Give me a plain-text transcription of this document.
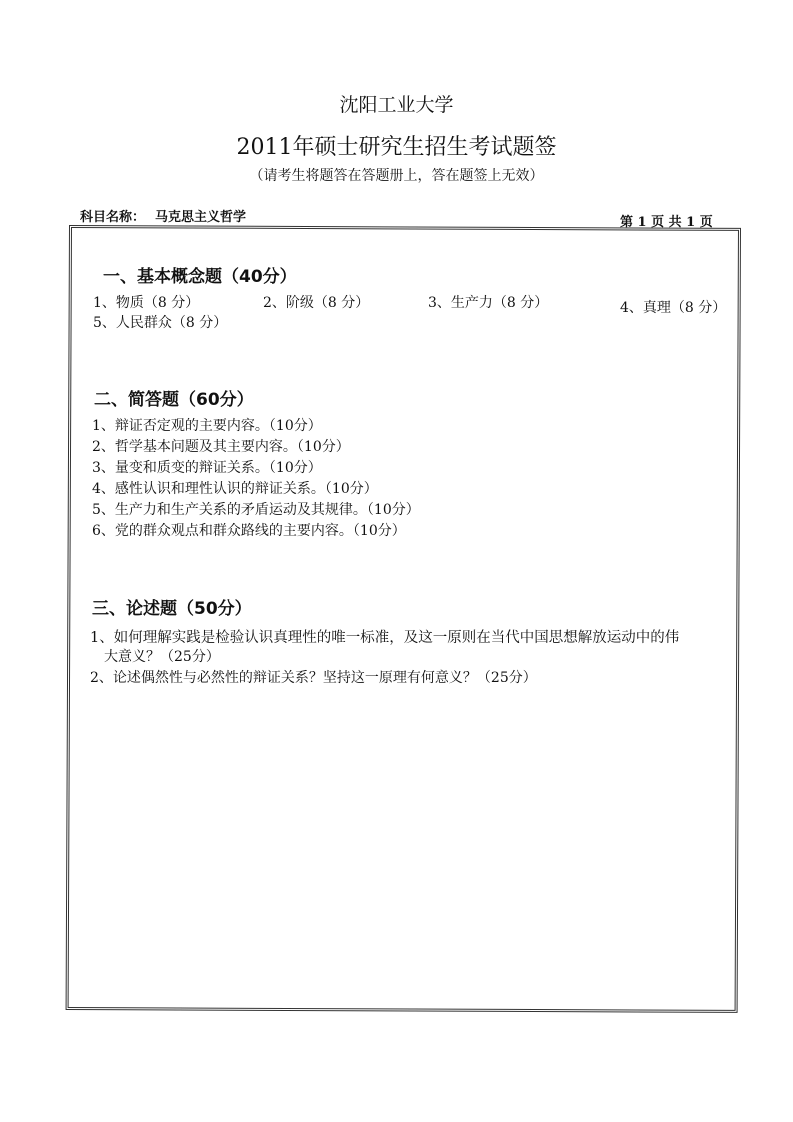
沈阳工业大学
2011年硕士研究生招生考试题签
（请考生将题答在答题册上，答在题签上无效）
科目名称： 马克思主义哲学	第 1 页 共 1 页
一、基本概念题（40分）
1、物质（8 分）	2、阶级（8 分）	3、生产力（8 分）	4、真理（8 分）
5、人民群众（8 分）
二、简答题（60分）
1、辩证否定观的主要内容。（10分）
2、哲学基本问题及其主要内容。（10分）
3、量变和质变的辩证关系。（10分）
4、感性认识和理性认识的辩证关系。（10分）
5、生产力和生产关系的矛盾运动及其规律。（10分）
6、党的群众观点和群众路线的主要内容。（10分）
三、论述题（50分）
1、如何理解实践是检验认识真理性的唯一标准，及这一原则在当代中国思想解放运动中的伟
大意义？（25分）
2、论述偶然性与必然性的辩证关系？坚持这一原理有何意义？（25分）
